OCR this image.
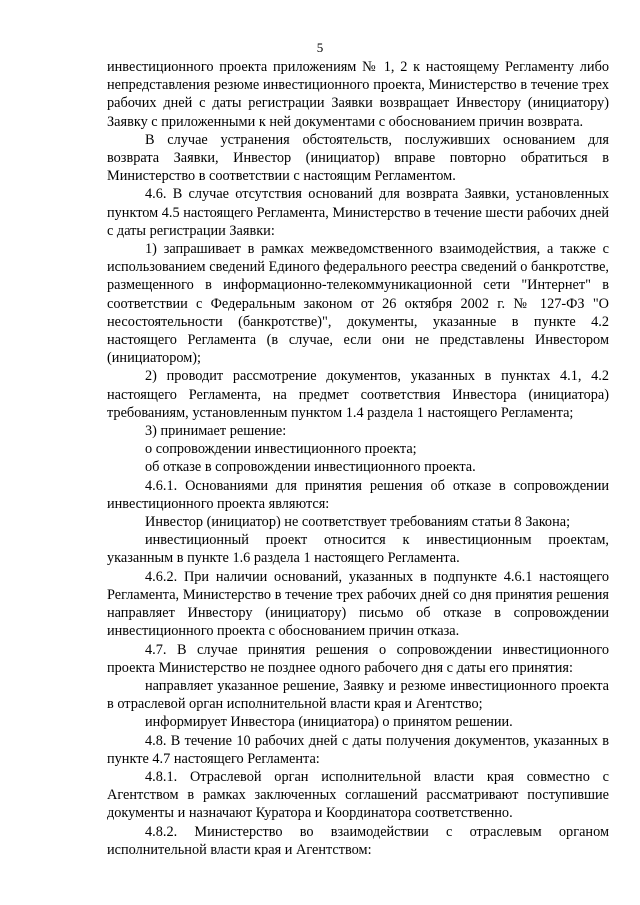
5

инвестиционного проекта приложениям № 1, 2 к настоящему Регламенту либо непредставления резюме инвестиционного проекта, Министерство в течение трех рабочих дней с даты регистрации Заявки возвращает Инвестору (инициатору) Заявку с приложенными к ней документами с обоснованием причин возврата.

В случае устранения обстоятельств, послуживших основанием для возврата Заявки, Инвестор (инициатор) вправе повторно обратиться в Министерство в соответствии с настоящим Регламентом.

4.6. В случае отсутствия оснований для возврата Заявки, установленных пунктом 4.5 настоящего Регламента, Министерство в течение шести рабочих дней с даты регистрации Заявки:

1) запрашивает в рамках межведомственного взаимодействия, а также с использованием сведений Единого федерального реестра сведений о банкротстве, размещенного в информационно-телекоммуникационной сети "Интернет" в соответствии с Федеральным законом от 26 октября 2002 г. № 127-ФЗ "О несостоятельности (банкротстве)", документы, указанные в пункте 4.2 настоящего Регламента (в случае, если они не представлены Инвестором (инициатором);

2) проводит рассмотрение документов, указанных в пунктах 4.1, 4.2 настоящего Регламента, на предмет соответствия Инвестора (инициатора) требованиям, установленным пунктом 1.4 раздела 1 настоящего Регламента;

3) принимает решение:

о сопровождении инвестиционного проекта;

об отказе в сопровождении инвестиционного проекта.

4.6.1. Основаниями для принятия решения об отказе в сопровождении инвестиционного проекта являются:

Инвестор (инициатор) не соответствует требованиям статьи 8 Закона;

инвестиционный проект относится к инвестиционным проектам, указанным в пункте 1.6 раздела 1 настоящего Регламента.

4.6.2. При наличии оснований, указанных в подпункте 4.6.1 настоящего Регламента, Министерство в течение трех рабочих дней со дня принятия решения направляет Инвестору (инициатору) письмо об отказе в сопровождении инвестиционного проекта с обоснованием причин отказа.

4.7. В случае принятия решения о сопровождении инвестиционного проекта Министерство не позднее одного рабочего дня с даты его принятия:

направляет указанное решение, Заявку и резюме инвестиционного проекта в отраслевой орган исполнительной власти края и Агентство;

информирует Инвестора (инициатора) о принятом решении.

4.8. В течение 10 рабочих дней с даты получения документов, указанных в пункте 4.7 настоящего Регламента:

4.8.1. Отраслевой орган исполнительной власти края совместно с Агентством в рамках заключенных соглашений рассматривают поступившие документы и назначают Куратора и Координатора соответственно.

4.8.2. Министерство во взаимодействии с отраслевым органом исполнительной власти края и Агентством:
